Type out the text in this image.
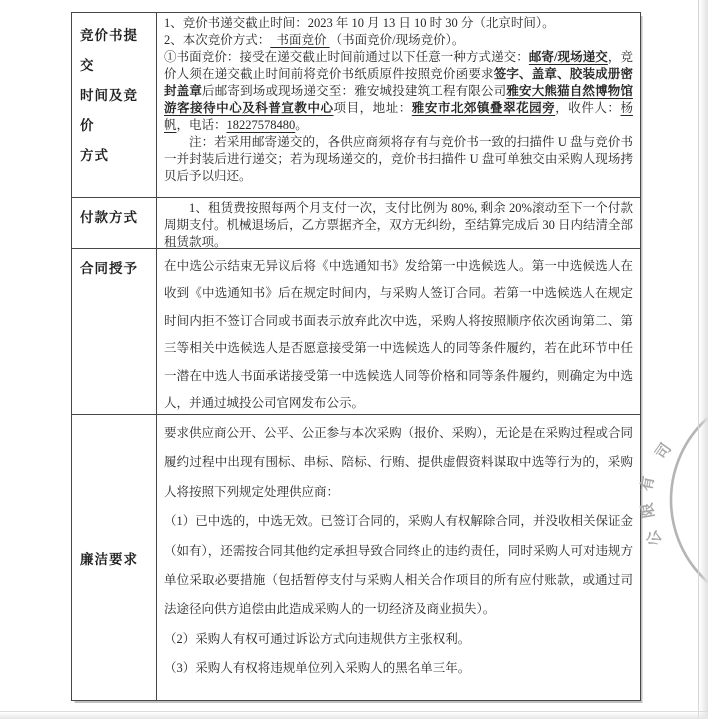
竞价书提交
时间及竞价
方式

1、竞价书递交截止时间：2023 年 10 月 13 日 10 时 30 分（北京时间）。

2、本次竞价方式：  书面竞价 （书面竞价/现场竞价）。

①书面竞价：接受在递交截止时间前通过以下任意一种方式递交：邮寄/现场递交，竞价人须在递交截止时间前将竞价书纸质原件按照竞价函要求签字、盖章、胶装成册密封盖章后邮寄到场或现场递交至：雅安城投建筑工程有限公司雅安大熊猫自然博物馆游客接待中心及科普宣教中心项目，地址：雅安市北郊镇叠翠花园旁，收件人：杨帆，电话：18227578480。

注：若采用邮寄递交的，各供应商须将存有与竞价书一致的扫描件 U 盘与竞价书一并封装后进行递交；若为现场递交的，竞价书扫描件 U 盘可单独交由采购人现场拷贝后予以归还。

付款方式

1、租赁费按照每两个月支付一次，支付比例为 80%, 剩余 20%滚动至下一个付款周期支付。机械退场后，乙方票据齐全，双方无纠纷，至结算完成后 30 日内结清全部租赁款项。

合同授予	在中选公示结束无异议后将《中选通知书》发给第一中选候选人。第一中选候选人在收到《中选通知书》后在规定时间内，与采购人签订合同。若第一中选候选人在规定时间内拒不签订合同或书面表示放弃此次中选，采购人将按照顺序依次函询第二、第三等相关中选候选人是否愿意接受第一中选候选人的同等条件履约，若在此环节中任一潜在中选人书面承诺接受第一中选候选人同等价格和同等条件履约，则确定为中选人，并通过城投公司官网发布公示。

廉洁要求

要求供应商公开、公平、公正参与本次采购（报价、采购），无论是在采购过程或合同履约过程中出现有围标、串标、陪标、行贿、提供虚假资料谋取中选等行为的，采购人将按照下列规定处理供应商：

（1）已中选的，中选无效。已签订合同的，采购人有权解除合同，并没收相关保证金（如有），还需按合同其他约定承担导致合同终止的违约责任，同时采购人可对违规方单位采取必要措施（包括暂停支付与采购人相关合作项目的所有应付账款，或通过司法途径向供方追偿由此造成采购人的一切经济及商业损失）。

（2）采购人有权可通过诉讼方式向违规供方主张权利。

（3）采购人有权将违规单位列入采购人的黑名单三年。

司
有
限
公
